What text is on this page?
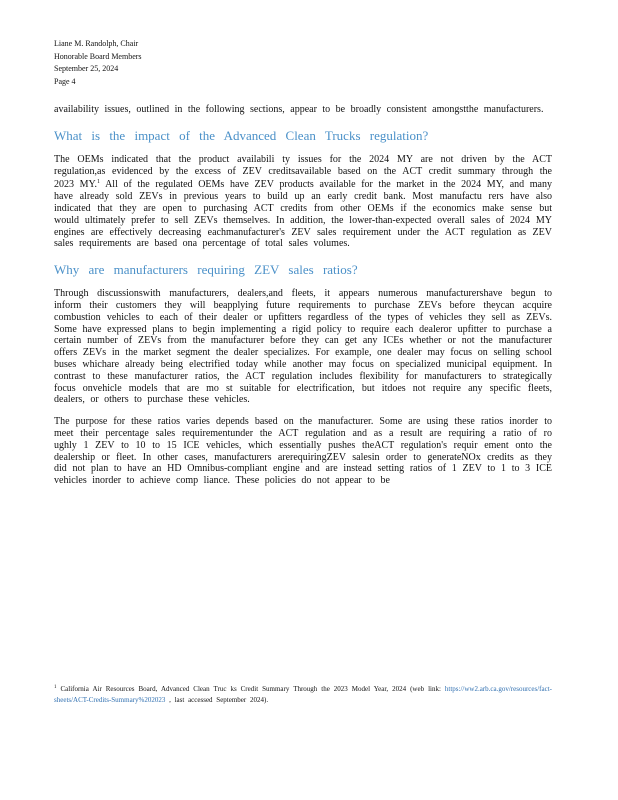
Liane M. Randolph, Chair
Honorable Board Members
September 25, 2024
Page 4

availability issues, outlined in the following sections, appear to be broadly consistent amongstthe manufacturers.

What is the impact of the Advanced Clean Trucks regulation?

The OEMs indicated that the product availabili ty issues for the 2024 MY are not driven by the ACT regulation,as evidenced by the excess of ZEV creditsavailable based on the ACT credit summary through the 2023 MY.$^1$ All of the regulated OEMs have ZEV products available for the market in the 2024 MY, and many have already sold ZEVs in previous years to build up an early credit bank. Most manufactu rers have also indicated that they are open to purchasing ACT credits from other OEMs if the economics make sense but would ultimately prefer to sell ZEVs themselves. In addition, the lower-than-expected overall sales of 2024 MY engines are effectively decreasing eachmanufacturer's ZEV sales requirement under the ACT regulation as ZEV sales requirements are based ona percentage of total sales volumes.

Why are manufacturers requiring ZEV sales ratios?

Through discussionswith manufacturers, dealers,and fleets, it appears numerous manufacturershave begun to inform their customers they will beapplying future requirements to purchase ZEVs before theycan acquire combustion vehicles to each of their dealer or upfitters regardless of the types of vehicles they sell as ZEVs. Some have expressed plans to begin implementing a rigid policy to require each dealeror upfitter to purchase a certain number of ZEVs from the manufacturer before they can get any ICEs whether or not the manufacturer offers ZEVs in the market segment the dealer specializes. For example, one dealer may focus on selling school buses whichare already being electrified today while another may focus on specialized municipal equipment. In contrast to these manufacturer ratios, the ACT regulation includes flexibility for manufacturers to strategically focus onvehicle models that are mo st suitable for electrification, but itdoes not require any specific fleets, dealers, or others to purchase these vehicles.

The purpose for these ratios varies depends based on the manufacturer. Some are using these ratios inorder to meet their percentage sales requirementunder the ACT regulation and as a result are requiring a ratio of ro ughly 1 ZEV to 10 to 15 ICE vehicles, which essentially pushes theACT regulation's requir ement onto the dealership or fleet. In other cases, manufacturers arerequiringZEV salesin order to generateNOx credits as they did not plan to have an HD Omnibus-compliant engine and are instead setting ratios of 1 ZEV to 1 to 3 ICE vehicles inorder to achieve comp liance. These policies do not appear to be

$^1$ California Air Resources Board, Advanced Clean Truc ks Credit Summary Through the 2023 Model Year, 2024 (web link: https://ww2.arb.ca.gov/resources/fact-sheets/ACT-Credits-Summary%202023 , last accessed September 2024).
